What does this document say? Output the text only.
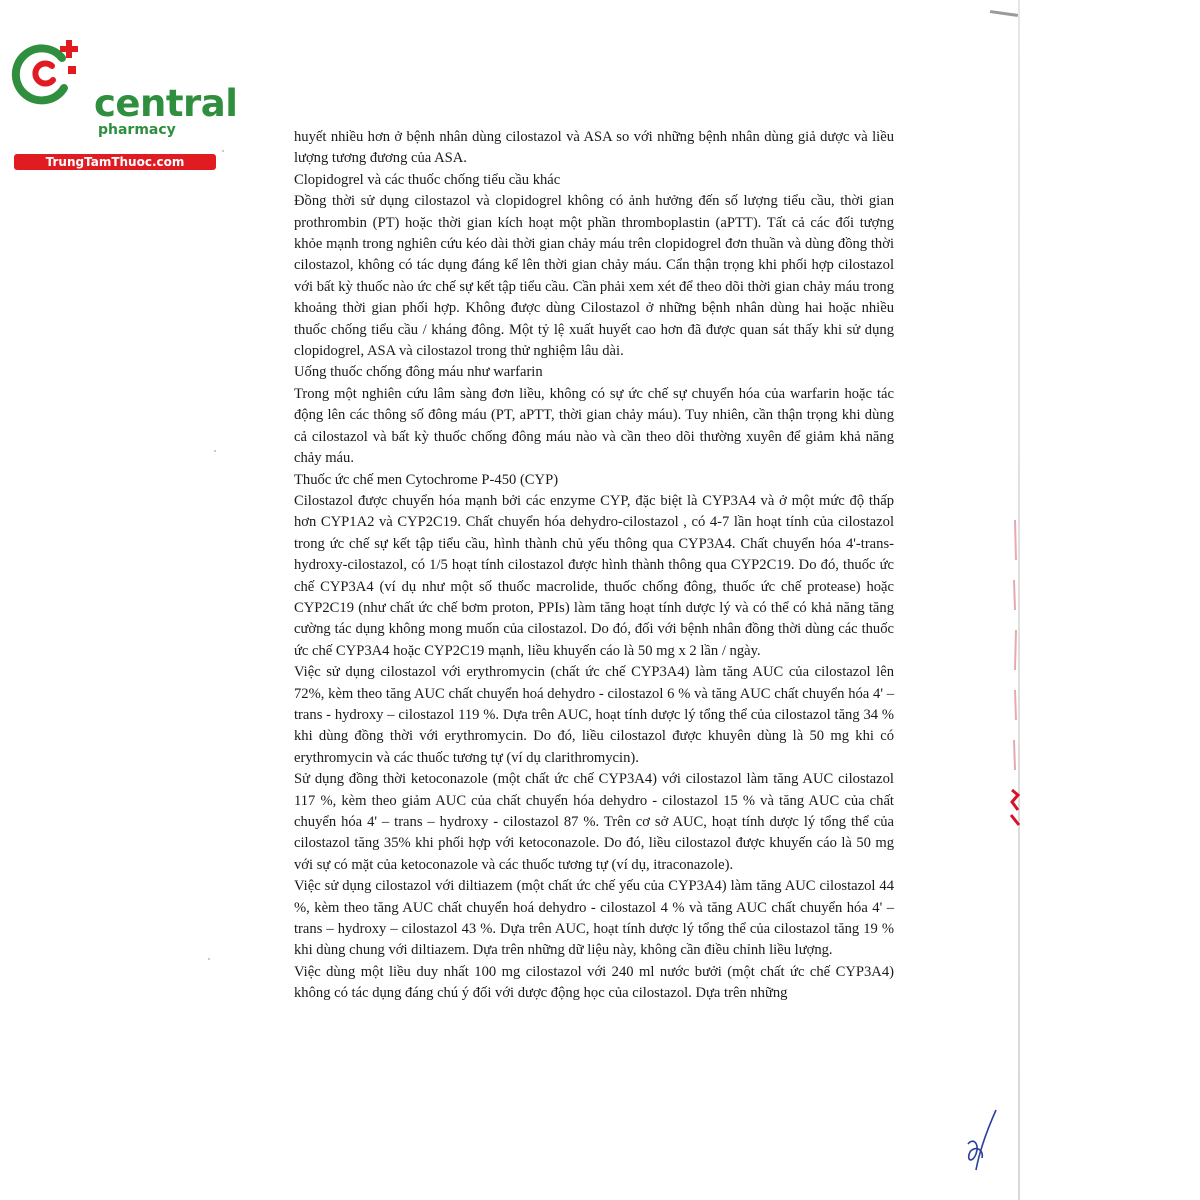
central
pharmacy
TrungTamThuoc.com

huyết nhiều hơn ở bệnh nhân dùng cilostazol và ASA so với những bệnh nhân dùng giả dược và liều lượng tương đương của ASA.

Clopidogrel và các thuốc chống tiểu cầu khác

Đồng thời sử dụng cilostazol và clopidogrel không có ảnh hưởng đến số lượng tiểu cầu, thời gian prothrombin (PT) hoặc thời gian kích hoạt một phần thromboplastin (aPTT). Tất cả các đối tượng khỏe mạnh trong nghiên cứu kéo dài thời gian chảy máu trên clopidogrel đơn thuần và dùng đồng thời cilostazol, không có tác dụng đáng kể lên thời gian chảy máu. Cẩn thận trọng khi phối hợp cilostazol với bất kỳ thuốc nào ức chế sự kết tập tiểu cầu. Cần phải xem xét để theo dõi thời gian chảy máu trong khoảng thời gian phối hợp. Không được dùng Cilostazol ở những bệnh nhân dùng hai hoặc nhiều thuốc chống tiểu cầu / kháng đông. Một tỷ lệ xuất huyết cao hơn đã được quan sát thấy khi sử dụng clopidogrel, ASA và cilostazol trong thử nghiệm lâu dài.

Uống thuốc chống đông máu như warfarin

Trong một nghiên cứu lâm sàng đơn liều, không có sự ức chế sự chuyển hóa của warfarin hoặc tác động lên các thông số đông máu (PT, aPTT, thời gian chảy máu). Tuy nhiên, cần thận trọng khi dùng cả cilostazol và bất kỳ thuốc chống đông máu nào và cần theo dõi thường xuyên để giảm khả năng chảy máu.

Thuốc ức chế men Cytochrome P-450 (CYP)

Cilostazol được chuyển hóa mạnh bởi các enzyme CYP, đặc biệt là CYP3A4 và ở một mức độ thấp hơn CYP1A2 và CYP2C19. Chất chuyển hóa dehydro-cilostazol , có 4-7 lần hoạt tính của cilostazol trong ức chế sự kết tập tiểu cầu, hình thành chủ yếu thông qua CYP3A4. Chất chuyển hóa 4'-trans-hydroxy-cilostazol, có 1/5 hoạt tính cilostazol được hình thành thông qua CYP2C19. Do đó, thuốc ức chế CYP3A4 (ví dụ như một số thuốc macrolide, thuốc chống đông, thuốc ức chế protease) hoặc CYP2C19 (như chất ức chế bơm proton, PPIs) làm tăng hoạt tính dược lý và có thể có khả năng tăng cường tác dụng không mong muốn của cilostazol. Do đó, đối với bệnh nhân đồng thời dùng các thuốc ức chế CYP3A4 hoặc CYP2C19 mạnh, liều khuyến cáo là 50 mg x 2 lần / ngày.

Việc sử dụng cilostazol với erythromycin (chất ức chế CYP3A4) làm tăng AUC của cilostazol lên 72%, kèm theo tăng AUC chất chuyển hoá dehydro - cilostazol 6 % và tăng AUC chất chuyển hóa 4' – trans - hydroxy – cilostazol 119 %. Dựa trên AUC, hoạt tính dược lý tổng thể của cilostazol tăng 34 % khi dùng đồng thời với erythromycin. Do đó, liều cilostazol được khuyên dùng là 50 mg khi có erythromycin và các thuốc tương tự (ví dụ clarithromycin).

Sử dụng đồng thời ketoconazole (một chất ức chế CYP3A4) với cilostazol làm tăng AUC cilostazol 117 %, kèm theo giảm AUC của chất chuyển hóa dehydro - cilostazol 15 % và tăng AUC của chất chuyển hóa 4' – trans – hydroxy - cilostazol 87 %. Trên cơ sở AUC, hoạt tính dược lý tổng thể của cilostazol tăng 35% khi phối hợp với ketoconazole. Do đó, liều cilostazol được khuyến cáo là 50 mg với sự có mặt của ketoconazole và các thuốc tương tự (ví dụ, itraconazole).

Việc sử dụng cilostazol với diltiazem (một chất ức chế yếu của CYP3A4) làm tăng AUC cilostazol 44 %, kèm theo tăng AUC chất chuyển hoá dehydro - cilostazol 4 % và tăng AUC chất chuyển hóa 4' – trans – hydroxy – cilostazol 43 %. Dựa trên AUC, hoạt tính dược lý tổng thể của cilostazol tăng 19 % khi dùng chung với diltiazem. Dựa trên những dữ liệu này, không cần điều chỉnh liều lượng.

Việc dùng một liều duy nhất 100 mg cilostazol với 240 ml nước bưởi (một chất ức chế CYP3A4) không có tác dụng đáng chú ý đối với dược động học của cilostazol. Dựa trên những
